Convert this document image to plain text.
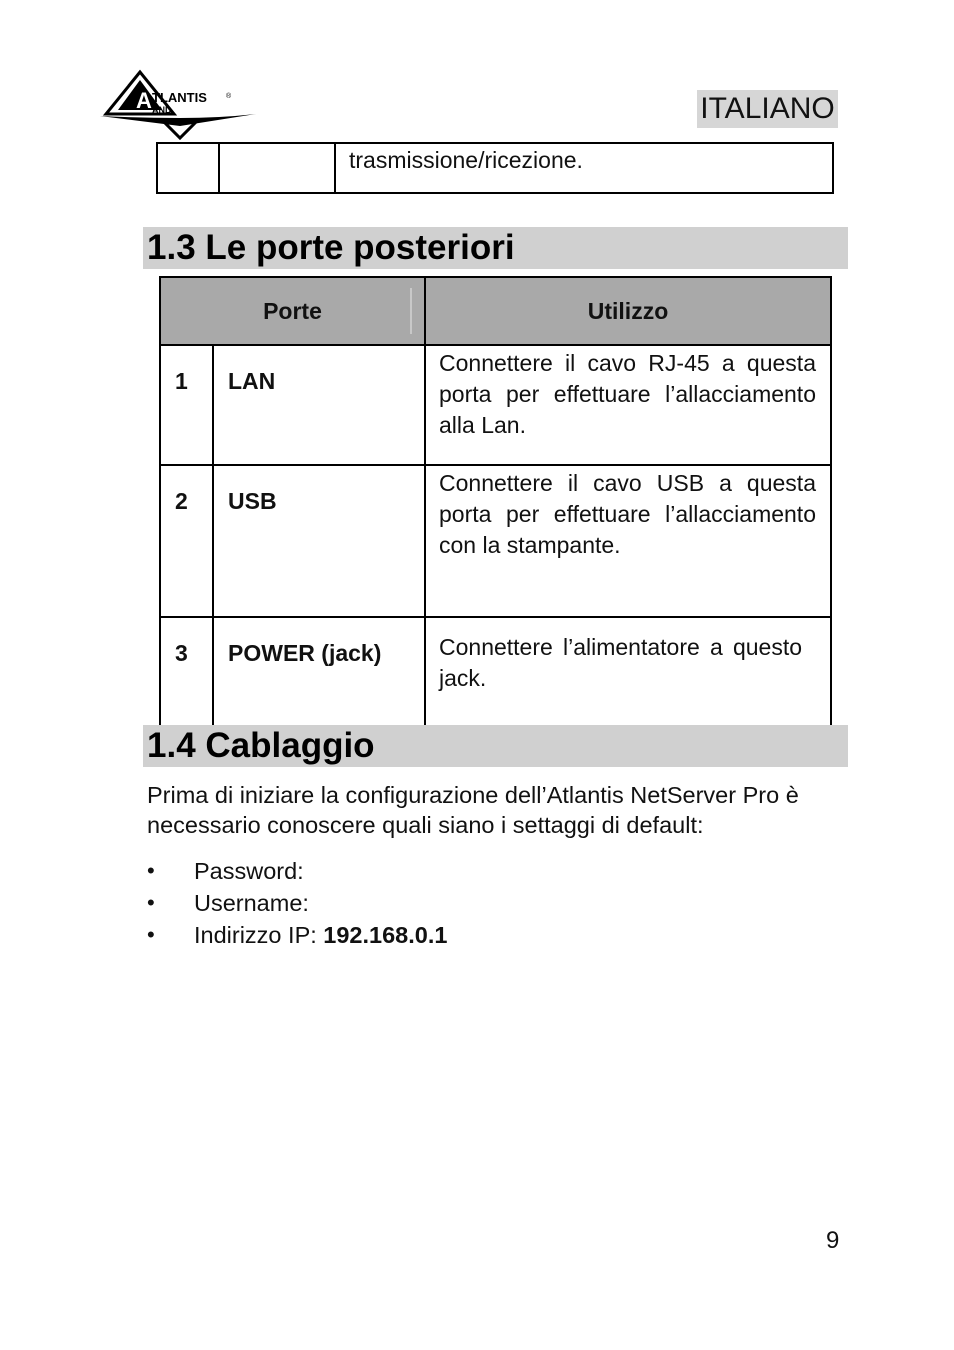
A TLANTIS	®
AND	ITALIANO
		trasmissione/ricezione.
1.3 Le porte posteriori
Porte		Utilizzo
1	LAN	Connettere il cavo RJ-45 a questa porta per effettuare l’allacciamento alla Lan.
2	USB	Connettere il cavo USB a questa porta per effettuare l’allacciamento con la stampante.
3	POWER (jack)	Connettere l’alimentatore a questo jack.
1.4 Cablaggio

Prima di iniziare la configurazione dell’Atlantis NetServer Pro è necessario conoscere quali siano i settaggi di default:

• Password:
• Username:
• Indirizzo IP: 192.168.0.1
9
